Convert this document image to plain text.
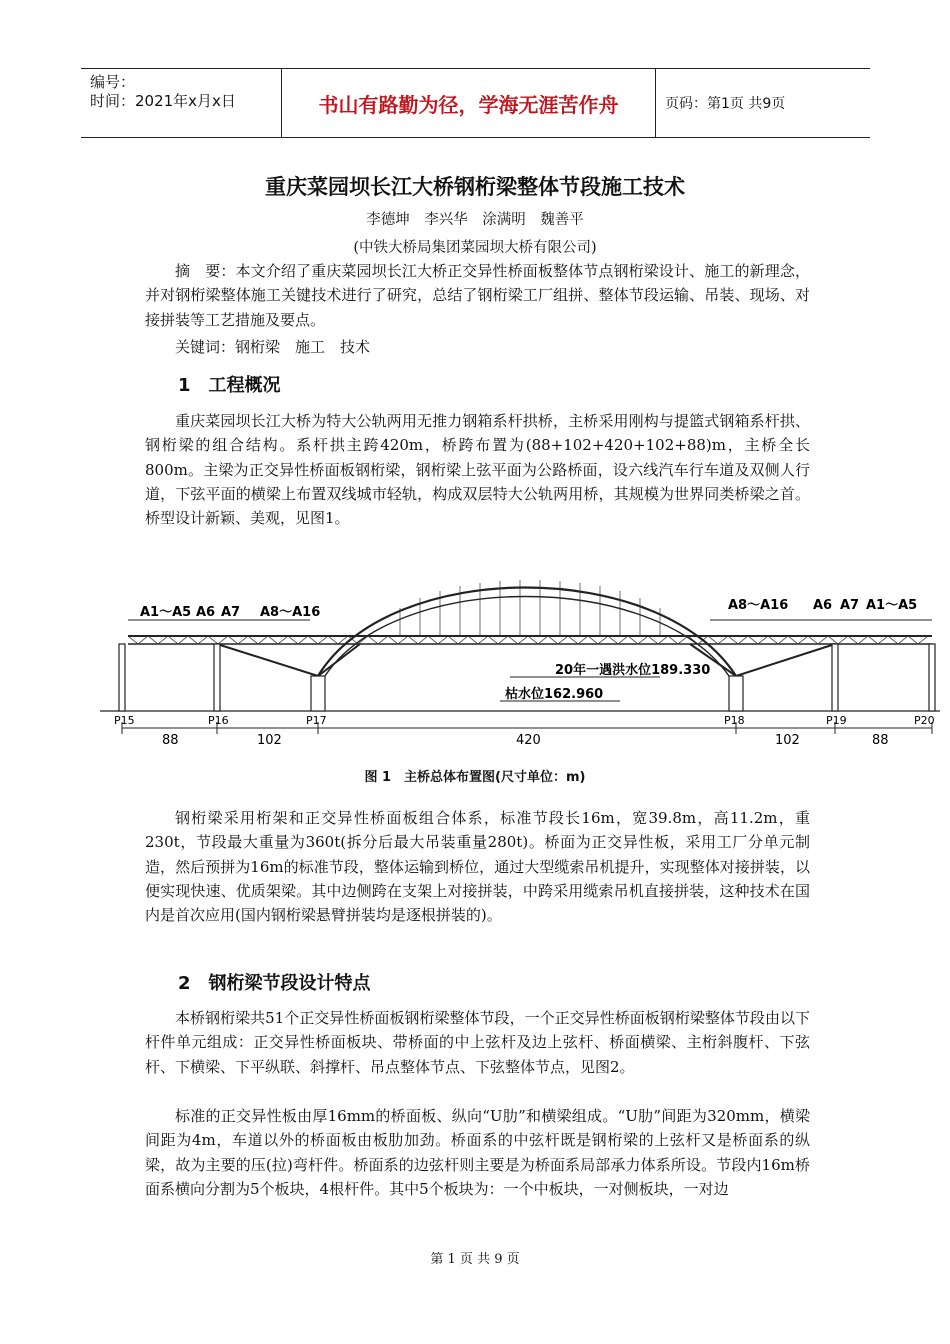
编号：
时间：2021年x月x日	书山有路勤为径，学海无涯苦作舟	页码：第1页 共9页
重庆菜园坝长江大桥钢桁梁整体节段施工技术
李德坤　李兴华　涂满明　魏善平
(中铁大桥局集团菜园坝大桥有限公司)
摘　要：本文介绍了重庆菜园坝长江大桥正交异性桥面板整体节点钢桁梁设计、施工的新理念，并对钢桁梁整体施工关键技术进行了研究，总结了钢桁梁工厂组拼、整体节段运输、吊装、现场、对接拼装等工艺措施及要点。
关键词：钢桁梁　施工　技术
1　工程概况
重庆菜园坝长江大桥为特大公轨两用无推力钢箱系杆拱桥，主桥采用刚构与提篮式钢箱系杆拱、钢桁梁的组合结构。系杆拱主跨420m，桥跨布置为(88+102+420+102+88)m，主桥全长800m。主梁为正交异性桥面板钢桁梁，钢桁梁上弦平面为公路桥面，设六线汽车行车道及双侧人行道，下弦平面的横梁上布置双线城市轻轨，构成双层特大公轨两用桥，其规模为世界同类桥梁之首。桥型设计新颖、美观，见图1。
A1～A5 A6 A7 A8～A16	A8～A16 A6 A7 A1～A5
20年一遇洪水位189.330
枯水位162.960
P15	P16	P17	P18	P19	P20
88	102	420	102	88
图 1　主桥总体布置图(尺寸单位：m)
钢桁梁采用桁架和正交异性桥面板组合体系，标准节段长16m，宽39.8m，高11.2m，重230t，节段最大重量为360t(拆分后最大吊装重量280t)。桥面为正交异性板，采用工厂分单元制造，然后预拼为16m的标准节段，整体运输到桥位，通过大型缆索吊机提升，实现整体对接拼装，以便实现快速、优质架梁。其中边侧跨在支架上对接拼装，中跨采用缆索吊机直接拼装，这种技术在国内是首次应用(国内钢桁梁悬臂拼装均是逐根拼装的)。
2　钢桁梁节段设计特点
本桥钢桁梁共51个正交异性桥面板钢桁梁整体节段，一个正交异性桥面板钢桁梁整体节段由以下杆件单元组成：正交异性桥面板块、带桥面的中上弦杆及边上弦杆、桥面横梁、主桁斜腹杆、下弦杆、下横梁、下平纵联、斜撑杆、吊点整体节点、下弦整体节点，见图2。
标准的正交异性板由厚16mm的桥面板、纵向“U肋”和横梁组成。“U肋”间距为320mm，横梁间距为4m，车道以外的桥面板由板肋加劲。桥面系的中弦杆既是钢桁梁的上弦杆又是桥面系的纵梁，故为主要的压(拉)弯杆件。桥面系的边弦杆则主要是为桥面系局部承力体系所设。节段内16m桥面系横向分割为5个板块，4根杆件。其中5个板块为：一个中板块，一对侧板块，一对边
第 1 页 共 9 页
